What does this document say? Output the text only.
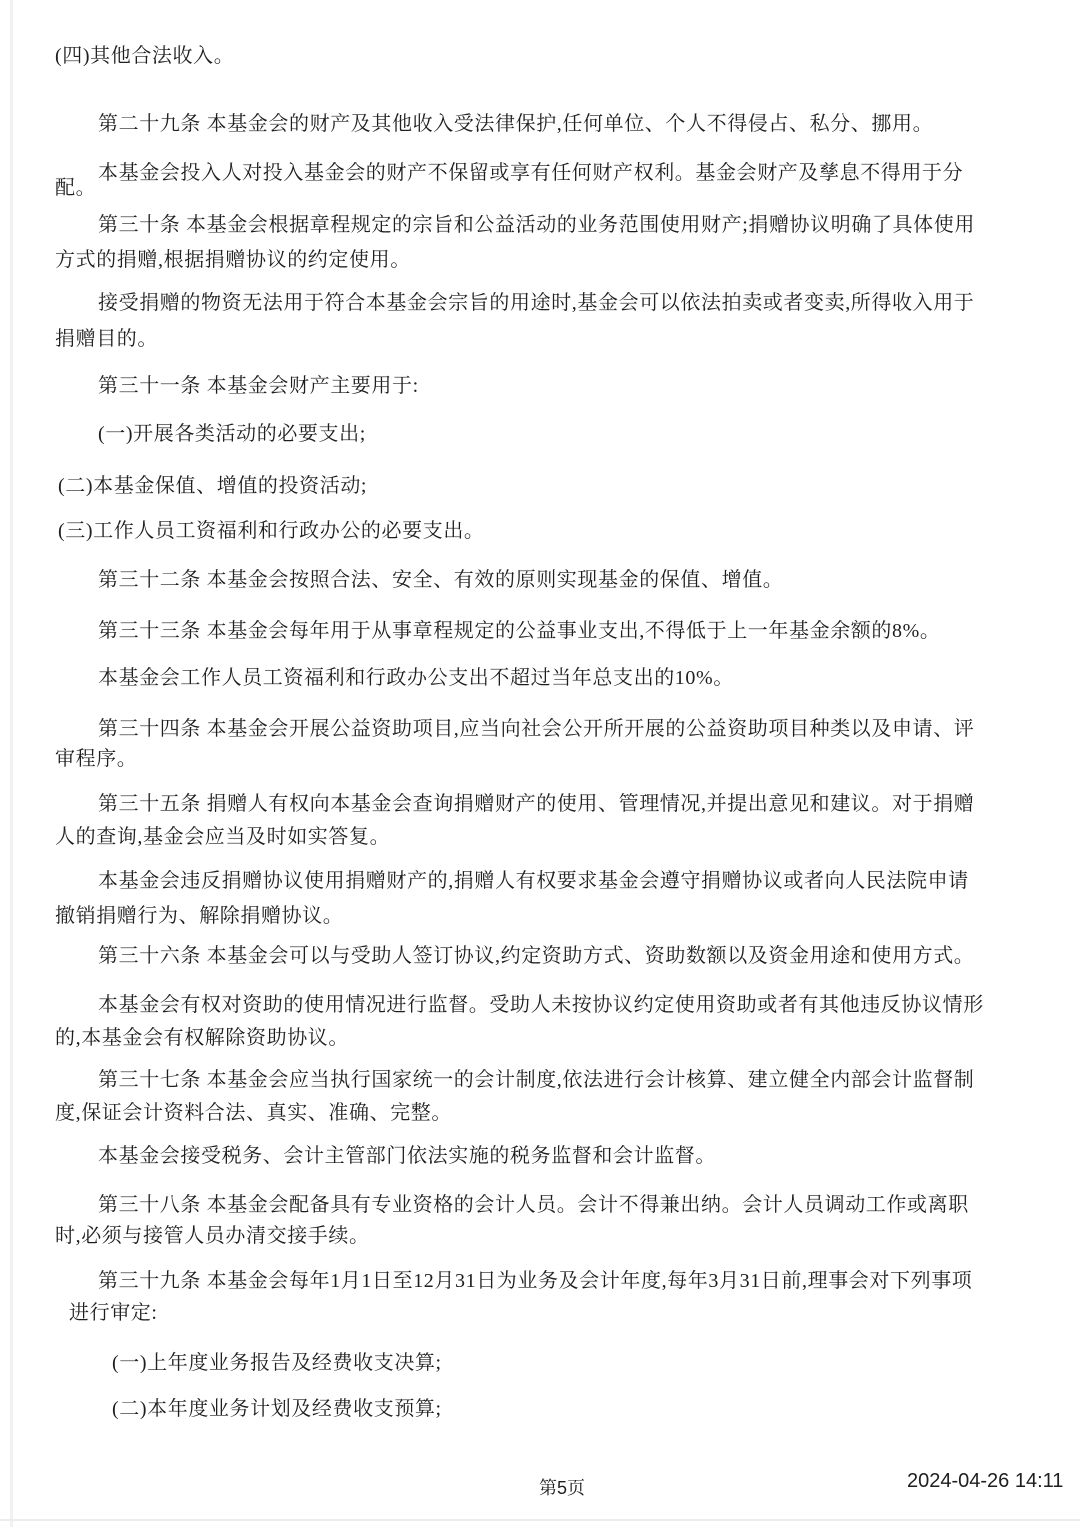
(四)其他合法收入。
第二十九条 本基金会的财产及其他收入受法律保护,任何单位、个人不得侵占、私分、挪用。
本基金会投入人对投入基金会的财产不保留或享有任何财产权利。基金会财产及孳息不得用于分
配。
第三十条 本基金会根据章程规定的宗旨和公益活动的业务范围使用财产;捐赠协议明确了具体使用
方式的捐赠,根据捐赠协议的约定使用。
接受捐赠的物资无法用于符合本基金会宗旨的用途时,基金会可以依法拍卖或者变卖,所得收入用于
捐赠目的。
第三十一条 本基金会财产主要用于:
(一)开展各类活动的必要支出;
(二)本基金保值、增值的投资活动;
(三)工作人员工资福利和行政办公的必要支出。
第三十二条 本基金会按照合法、安全、有效的原则实现基金的保值、增值。
第三十三条 本基金会每年用于从事章程规定的公益事业支出,不得低于上一年基金余额的8%。
本基金会工作人员工资福利和行政办公支出不超过当年总支出的10%。
第三十四条 本基金会开展公益资助项目,应当向社会公开所开展的公益资助项目种类以及申请、评
审程序。
第三十五条 捐赠人有权向本基金会查询捐赠财产的使用、管理情况,并提出意见和建议。对于捐赠
人的查询,基金会应当及时如实答复。
本基金会违反捐赠协议使用捐赠财产的,捐赠人有权要求基金会遵守捐赠协议或者向人民法院申请
撤销捐赠行为、解除捐赠协议。
第三十六条 本基金会可以与受助人签订协议,约定资助方式、资助数额以及资金用途和使用方式。
本基金会有权对资助的使用情况进行监督。受助人未按协议约定使用资助或者有其他违反协议情形
的,本基金会有权解除资助协议。
第三十七条 本基金会应当执行国家统一的会计制度,依法进行会计核算、建立健全内部会计监督制
度,保证会计资料合法、真实、准确、完整。
本基金会接受税务、会计主管部门依法实施的税务监督和会计监督。
第三十八条 本基金会配备具有专业资格的会计人员。会计不得兼出纳。会计人员调动工作或离职
时,必须与接管人员办清交接手续。
第三十九条 本基金会每年1月1日至12月31日为业务及会计年度,每年3月31日前,理事会对下列事项
进行审定:
(一)上年度业务报告及经费收支决算;
(二)本年度业务计划及经费收支预算;
第5页	2024-04-26 14:11
